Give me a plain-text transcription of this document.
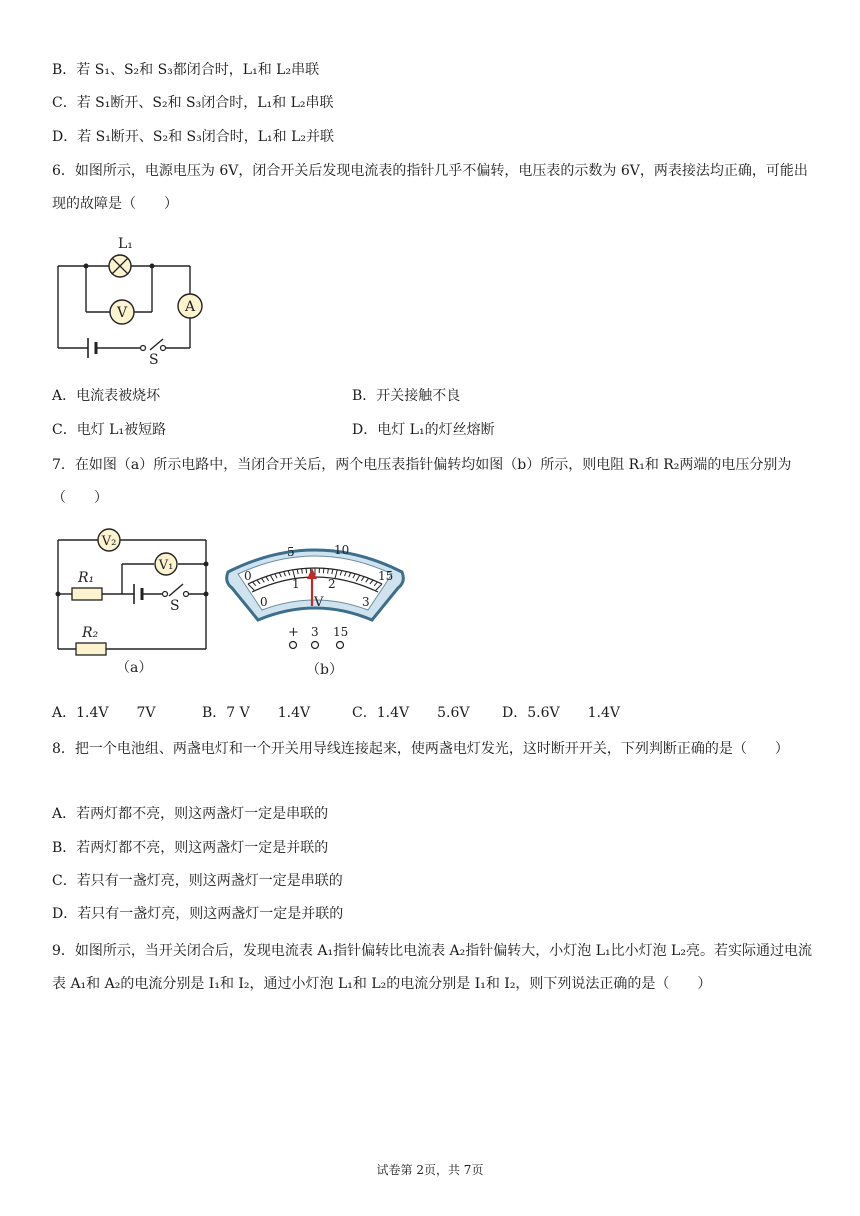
B．若 S₁、S₂和 S₃都闭合时，L₁和 L₂串联
C．若 S₁断开、S₂和 S₃闭合时，L₁和 L₂串联
D．若 S₁断开、S₂和 S₃闭合时，L₁和 L₂并联
6．如图所示，电源电压为 6V，闭合开关后发现电流表的指针几乎不偏转，电压表的示数为 6V，两表接法均正确，可能出现的故障是（　　）
L₁
V	A
S
A．电流表被烧坏	B．开关接触不良
C．电灯 L₁被短路	D．电灯 L₁的灯丝熔断
7．在如图（a）所示电路中，当闭合开关后，两个电压表指针偏转均如图（b）所示，则电阻 R₁和 R₂两端的电压分别为（　　）
V₂
V₁
R₁
R₂
S
（a）
0
5	10
15
0
1 2
3
V
+ 3 15
（b）
A．1.4V　　7V	B．7 V　　1.4V	C．1.4V　　5.6V D．5.6V　　1.4V
8．把一个电池组、两盏电灯和一个开关用导线连接起来，使两盏电灯发光，这时断开开关，下列判断正确的是（　　）
A．若两灯都不亮，则这两盏灯一定是串联的
B．若两灯都不亮，则这两盏灯一定是并联的
C．若只有一盏灯亮，则这两盏灯一定是串联的
D．若只有一盏灯亮，则这两盏灯一定是并联的
9．如图所示，当开关闭合后，发现电流表 A₁指针偏转比电流表 A₂指针偏转大，小灯泡 L₁比小灯泡 L₂亮。若实际通过电流表 A₁和 A₂的电流分别是 I₁和 I₂，通过小灯泡 L₁和 L₂的电流分别是 I₁和 I₂，则下列说法正确的是（　　）
试卷第 2页，共 7页
